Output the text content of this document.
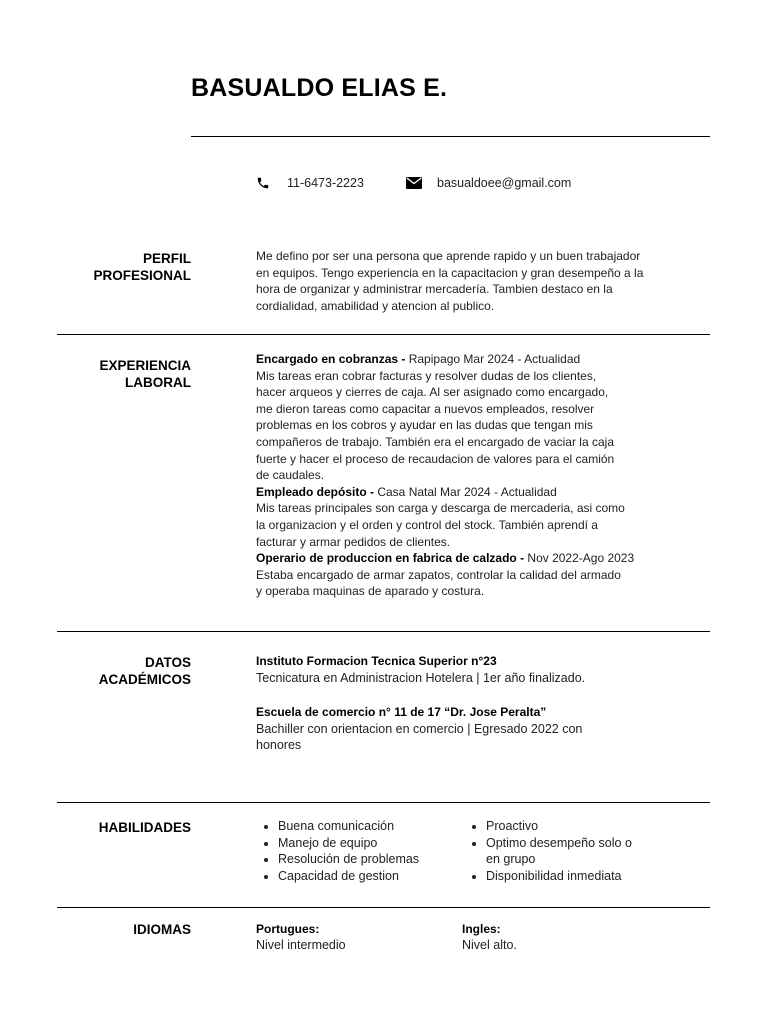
BASUALDO ELIAS E.
11-6473-2223	basualdoee@gmail.com
PERFIL
PROFESIONAL
Me defino por ser una persona que aprende rapido y un buen trabajador
en equipos. Tengo experiencia en la capacitacion y gran desempeño a la
hora de organizar y administrar mercadería. Tambien destaco en la
cordialidad, amabilidad y atencion al publico.
EXPERIENCIA
LABORAL
Encargado en cobranzas - Rapipago Mar 2024 - Actualidad
Mis tareas eran cobrar facturas y resolver dudas de los clientes,
hacer arqueos y cierres de caja. Al ser asignado como encargado,
me dieron tareas como capacitar a nuevos empleados, resolver
problemas en los cobros y ayudar en las dudas que tengan mis
compañeros de trabajo. También era el encargado de vaciar la caja
fuerte y hacer el proceso de recaudacion de valores para el camión
de caudales.
Empleado depósito - Casa Natal Mar 2024 - Actualidad
Mis tareas principales son carga y descarga de mercaderia, asi como
la organizacion y el orden y control del stock. También aprendí a
facturar y armar pedidos de clientes.
Operario de produccion en fabrica de calzado - Nov 2022-Ago 2023
Estaba encargado de armar zapatos, controlar la calidad del armado
y operaba maquinas de aparado y costura.
DATOS
ACADÉMICOS
Instituto Formacion Tecnica Superior n°23
Tecnicatura en Administracion Hotelera | 1er año finalizado.
Escuela de comercio n° 11 de 17 “Dr. Jose Peralta”
Bachiller con orientacion en comercio | Egresado 2022 con
honores
HABILIDADES
•	Buena comunicación
• Manejo de equipo
• Resolución de problemas
• Capacidad de gestion
• Proactivo
• Optimo desempeño solo o
en grupo
• Disponibilidad inmediata
IDIOMAS	Portugues:
Nivel intermedio
Ingles:
Nivel alto.
